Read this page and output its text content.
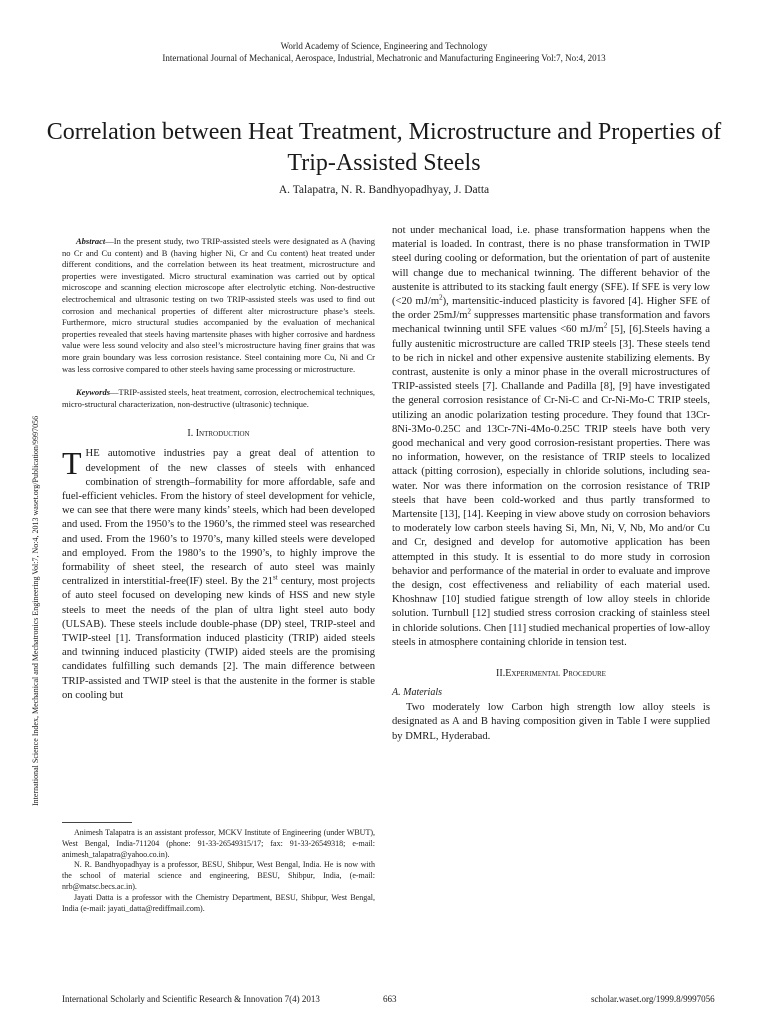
World Academy of Science, Engineering and Technology
International Journal of Mechanical, Aerospace, Industrial, Mechatronic and Manufacturing Engineering Vol:7, No:4, 2013
International Science Index, Mechanical and Mechatronics Engineering Vol:7, No:4, 2013 waset.org/Publication/9997056
Correlation between Heat Treatment, Microstructure and Properties of Trip-Assisted Steels
A. Talapatra, N. R. Bandhyopadhyay, J. Datta

Abstract—In the present study, two TRIP-assisted steels were designated as A (having no Cr and Cu content) and B (having higher Ni, Cr and Cu content) heat treated under different conditions, and the correlation between its heat treatment, microstructure and properties were investigated. Micro structural examination was carried out by optical microscope and scanning election microscope after electrolytic etching. Non-destructive electrochemical and ultrasonic testing on two TRIP-assisted steels was used to find out corrosion and mechanical properties of different alter microstructure phase’s steels. Furthermore, micro structural studies accompanied by the evaluation of mechanical properties revealed that steels having martensite phases with higher corrosive and hardness value were less sound velocity and also steel’s microstructure having finer grains that was more grain boundary was less corrosion resistance. Steel containing more Cu, Ni and Cr was less corrosive compared to other steels having same processing or microstructure.

Keywords—TRIP-assisted steels, heat treatment, corrosion, electrochemical techniques, micro-structural characterization, non-destructive (ultrasonic) technique.

I. Introduction

THE automotive industries pay a great deal of attention to development of the new classes of steels with enhanced combination of strength–formability for more affordable, safe and fuel-efficient vehicles. From the history of steel development for vehicle, we can see that there were many kinds’ steels, which had been developed and used. From the 1950’s to the 1960’s, the rimmed steel was researched and used. From the 1960’s to 1970’s, many killed steels were developed and employed. From the 1980’s to the 1990’s, to highly improve the formability of sheet steel, the research of auto steel was mainly centralized in interstitial-free(IF) steel. By the 21st century, most projects of auto steel focused on developing new kinds of HSS and new style steels to meet the needs of the plan of ultra light steel auto body (ULSAB). These steels include double-phase (DP) steel, TRIP-steel and TWIP-steel [1]. Transformation induced plasticity (TRIP) aided steels and twinning induced plasticity (TWIP) aided steels are the promising candidates fulfilling such demands [2]. The main difference between TRIP-assisted and TWIP steel is that the austenite in the former is stable on cooling but

not under mechanical load, i.e. phase transformation happens when the material is loaded. In contrast, there is no phase transformation in TWIP steel during cooling or deformation, but the orientation of part of austenite will change due to mechanical twinning. The different behavior of the austenite is attributed to its stacking fault energy (SFE). If SFE is very low (<20 $mJ/m^2$), martensitic-induced plasticity is favored [4]. Higher SFE of the order $25mJ/m^2$ suppresses martensitic phase transformation and favors mechanical twinning until SFE values <60 $mJ/m^2$ [5], [6].Steels having a fully austenitic microstructure are called TRIP steels [3]. These steels tend to be rich in nickel and other expensive austenite stabilizing elements. By contrast, austenite is only a minor phase in the overall microstructures of TRIP-assisted steels [7]. Challande and Padilla [8], [9] have investigated the general corrosion resistance of Cr-Ni-C and Cr-Ni-Mo-C TRIP steels, utilizing an anodic polarization testing procedure. They found that 13Cr-8Ni-3Mo-0.25C and 13Cr-7Ni-4Mo-0.25C TRIP steels have both very good mechanical and very good corrosion-resistant properties. There was no information, however, on the resistance of TRIP steels to localized attack (pitting corrosion), especially in chloride solutions, including sea-water. Nor was there information on the corrosion resistance of TRIP steels that have been cold-worked and thus partly transformed to Martensite [13], [14]. Keeping in view above study on corrosion behaviors to moderately low carbon steels having Si, Mn, Ni, V, Nb, Mo and/or Cu and Cr, designed and develop for automotive application has been attempted in this study. It is essential to do more study in corrosion behavior and performance of the material in order to evaluate and improve the design, cost effectiveness and reliability of each material used. Khoshnaw [10] studied fatigue strength of low alloy steels in chloride solution. Turnbull [12] studied stress corrosion cracking of stainless steel in chloride solutions. Chen [11] studied mechanical properties of low-alloy steels in atmosphere containing chloride in tension test.

II.Experimental Procedure
A. Materials

Two moderately low Carbon high strength low alloy steels is designated as A and B having composition given in Table I were supplied by DMRL, Hyderabad.

Animesh Talapatra is an assistant professor, MCKV Institute of Engineering (under WBUT), West Bengal, India-711204 (phone: 91-33-26549315/17; fax: 91-33-26549318; e-mail: animesh_talapatra@yahoo.co.in).

N. R. Bandhyopadhyay is a professor, BESU, Shibpur, West Bengal, India. He is now with the school of material science and engineering, BESU, Shibpur, India, (e-mail: nrb@matsc.becs.ac.in).

Jayati Datta is a professor with the Chemistry Department, BESU, Shibpur, West Bengal, India (e-mail: jayati_datta@rediffmail.com).

International Scholarly and Scientific Research & Innovation 7(4) 2013	663	scholar.waset.org/1999.8/9997056
